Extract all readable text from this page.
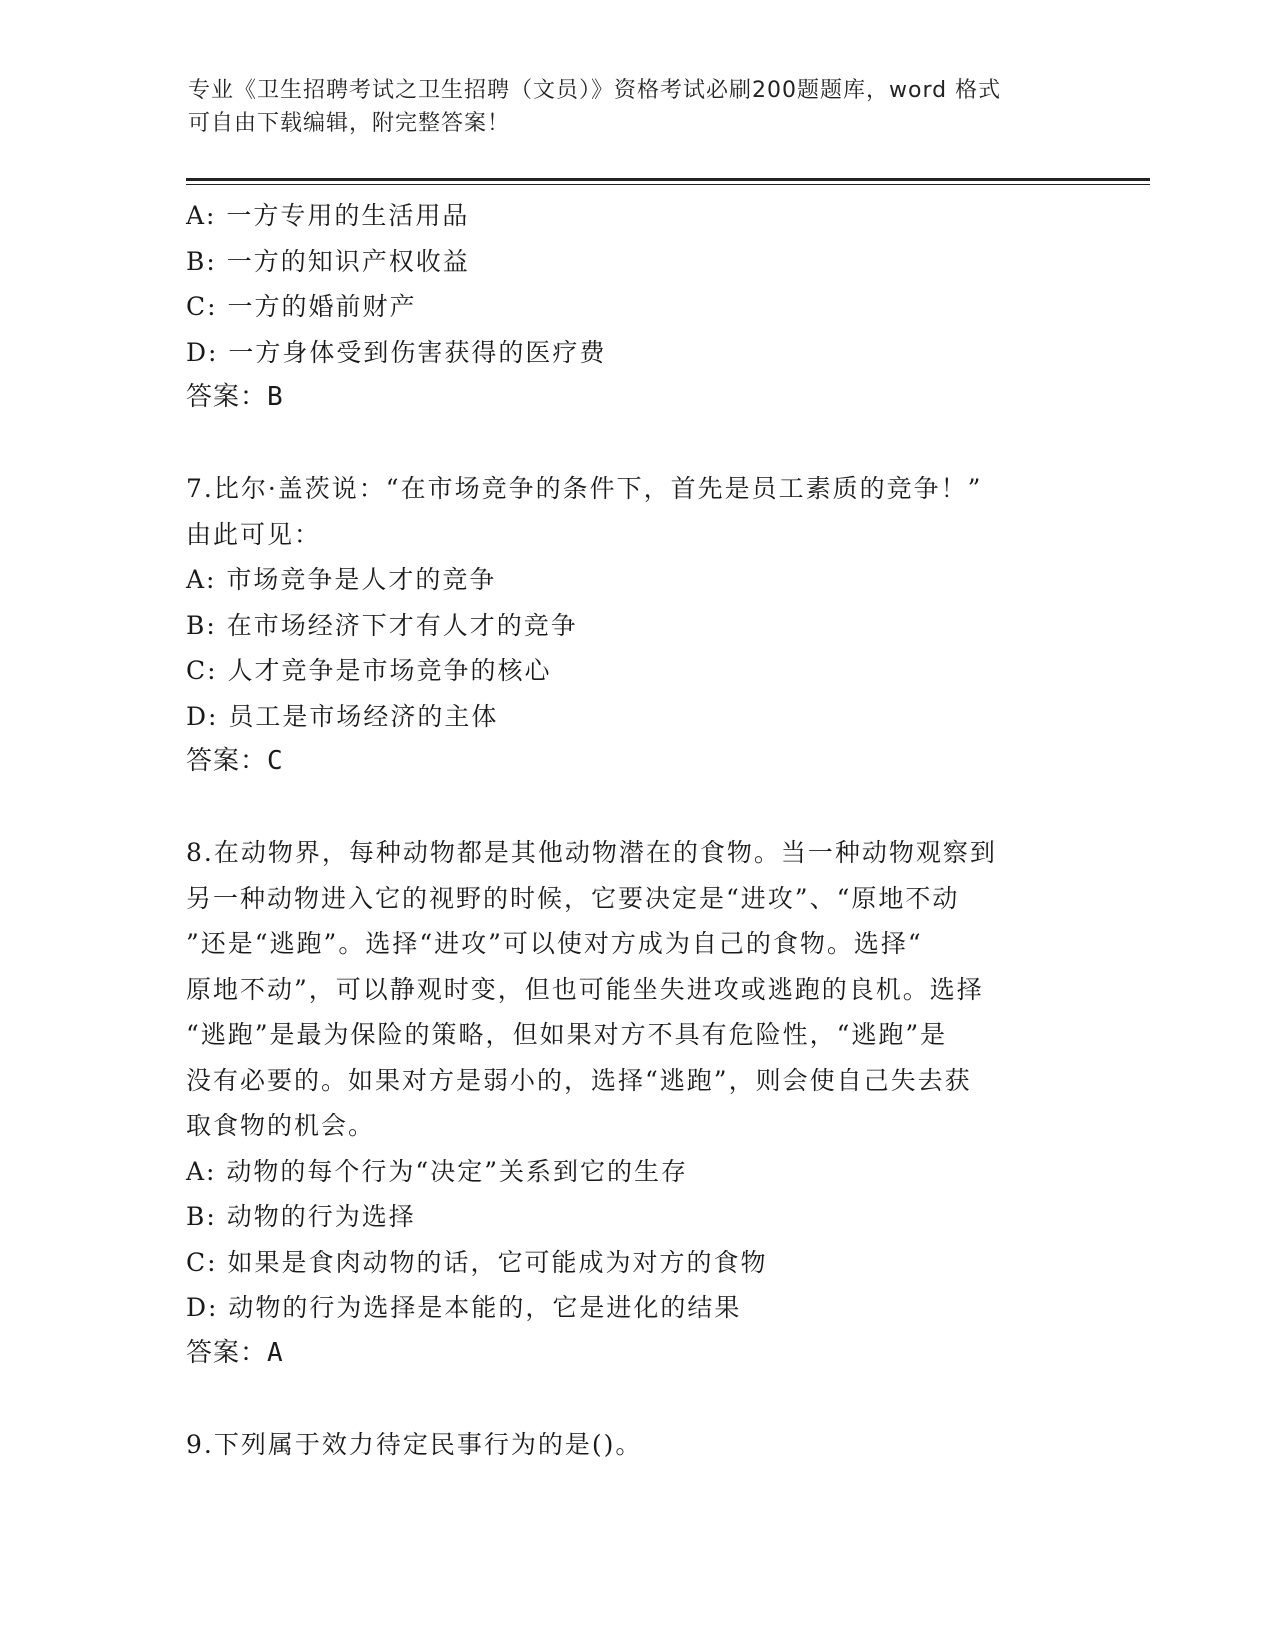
专业《卫生招聘考试之卫生招聘（文员）》资格考试必刷200题题库，word 格式
可自由下载编辑，附完整答案！
A: 一方专用的生活用品
B: 一方的知识产权收益
C: 一方的婚前财产
D: 一方身体受到伤害获得的医疗费
答案：B
7.比尔·盖茨说：“在市场竞争的条件下，首先是员工素质的竞争！”
由此可见：
A: 市场竞争是人才的竞争
B: 在市场经济下才有人才的竞争
C: 人才竞争是市场竞争的核心
D: 员工是市场经济的主体
答案：C
8.在动物界，每种动物都是其他动物潜在的食物。当一种动物观察到
另一种动物进入它的视野的时候，它要决定是“进攻”、“原地不动
”还是“逃跑”。选择“进攻”可以使对方成为自己的食物。选择“
原地不动”，可以静观时变，但也可能坐失进攻或逃跑的良机。选择
“逃跑”是最为保险的策略，但如果对方不具有危险性，“逃跑”是
没有必要的。如果对方是弱小的，选择“逃跑”，则会使自己失去获
取食物的机会。
A: 动物的每个行为“决定”关系到它的生存
B: 动物的行为选择
C: 如果是食肉动物的话，它可能成为对方的食物
D: 动物的行为选择是本能的，它是进化的结果
答案：A
9.下列属于效力待定民事行为的是()。
